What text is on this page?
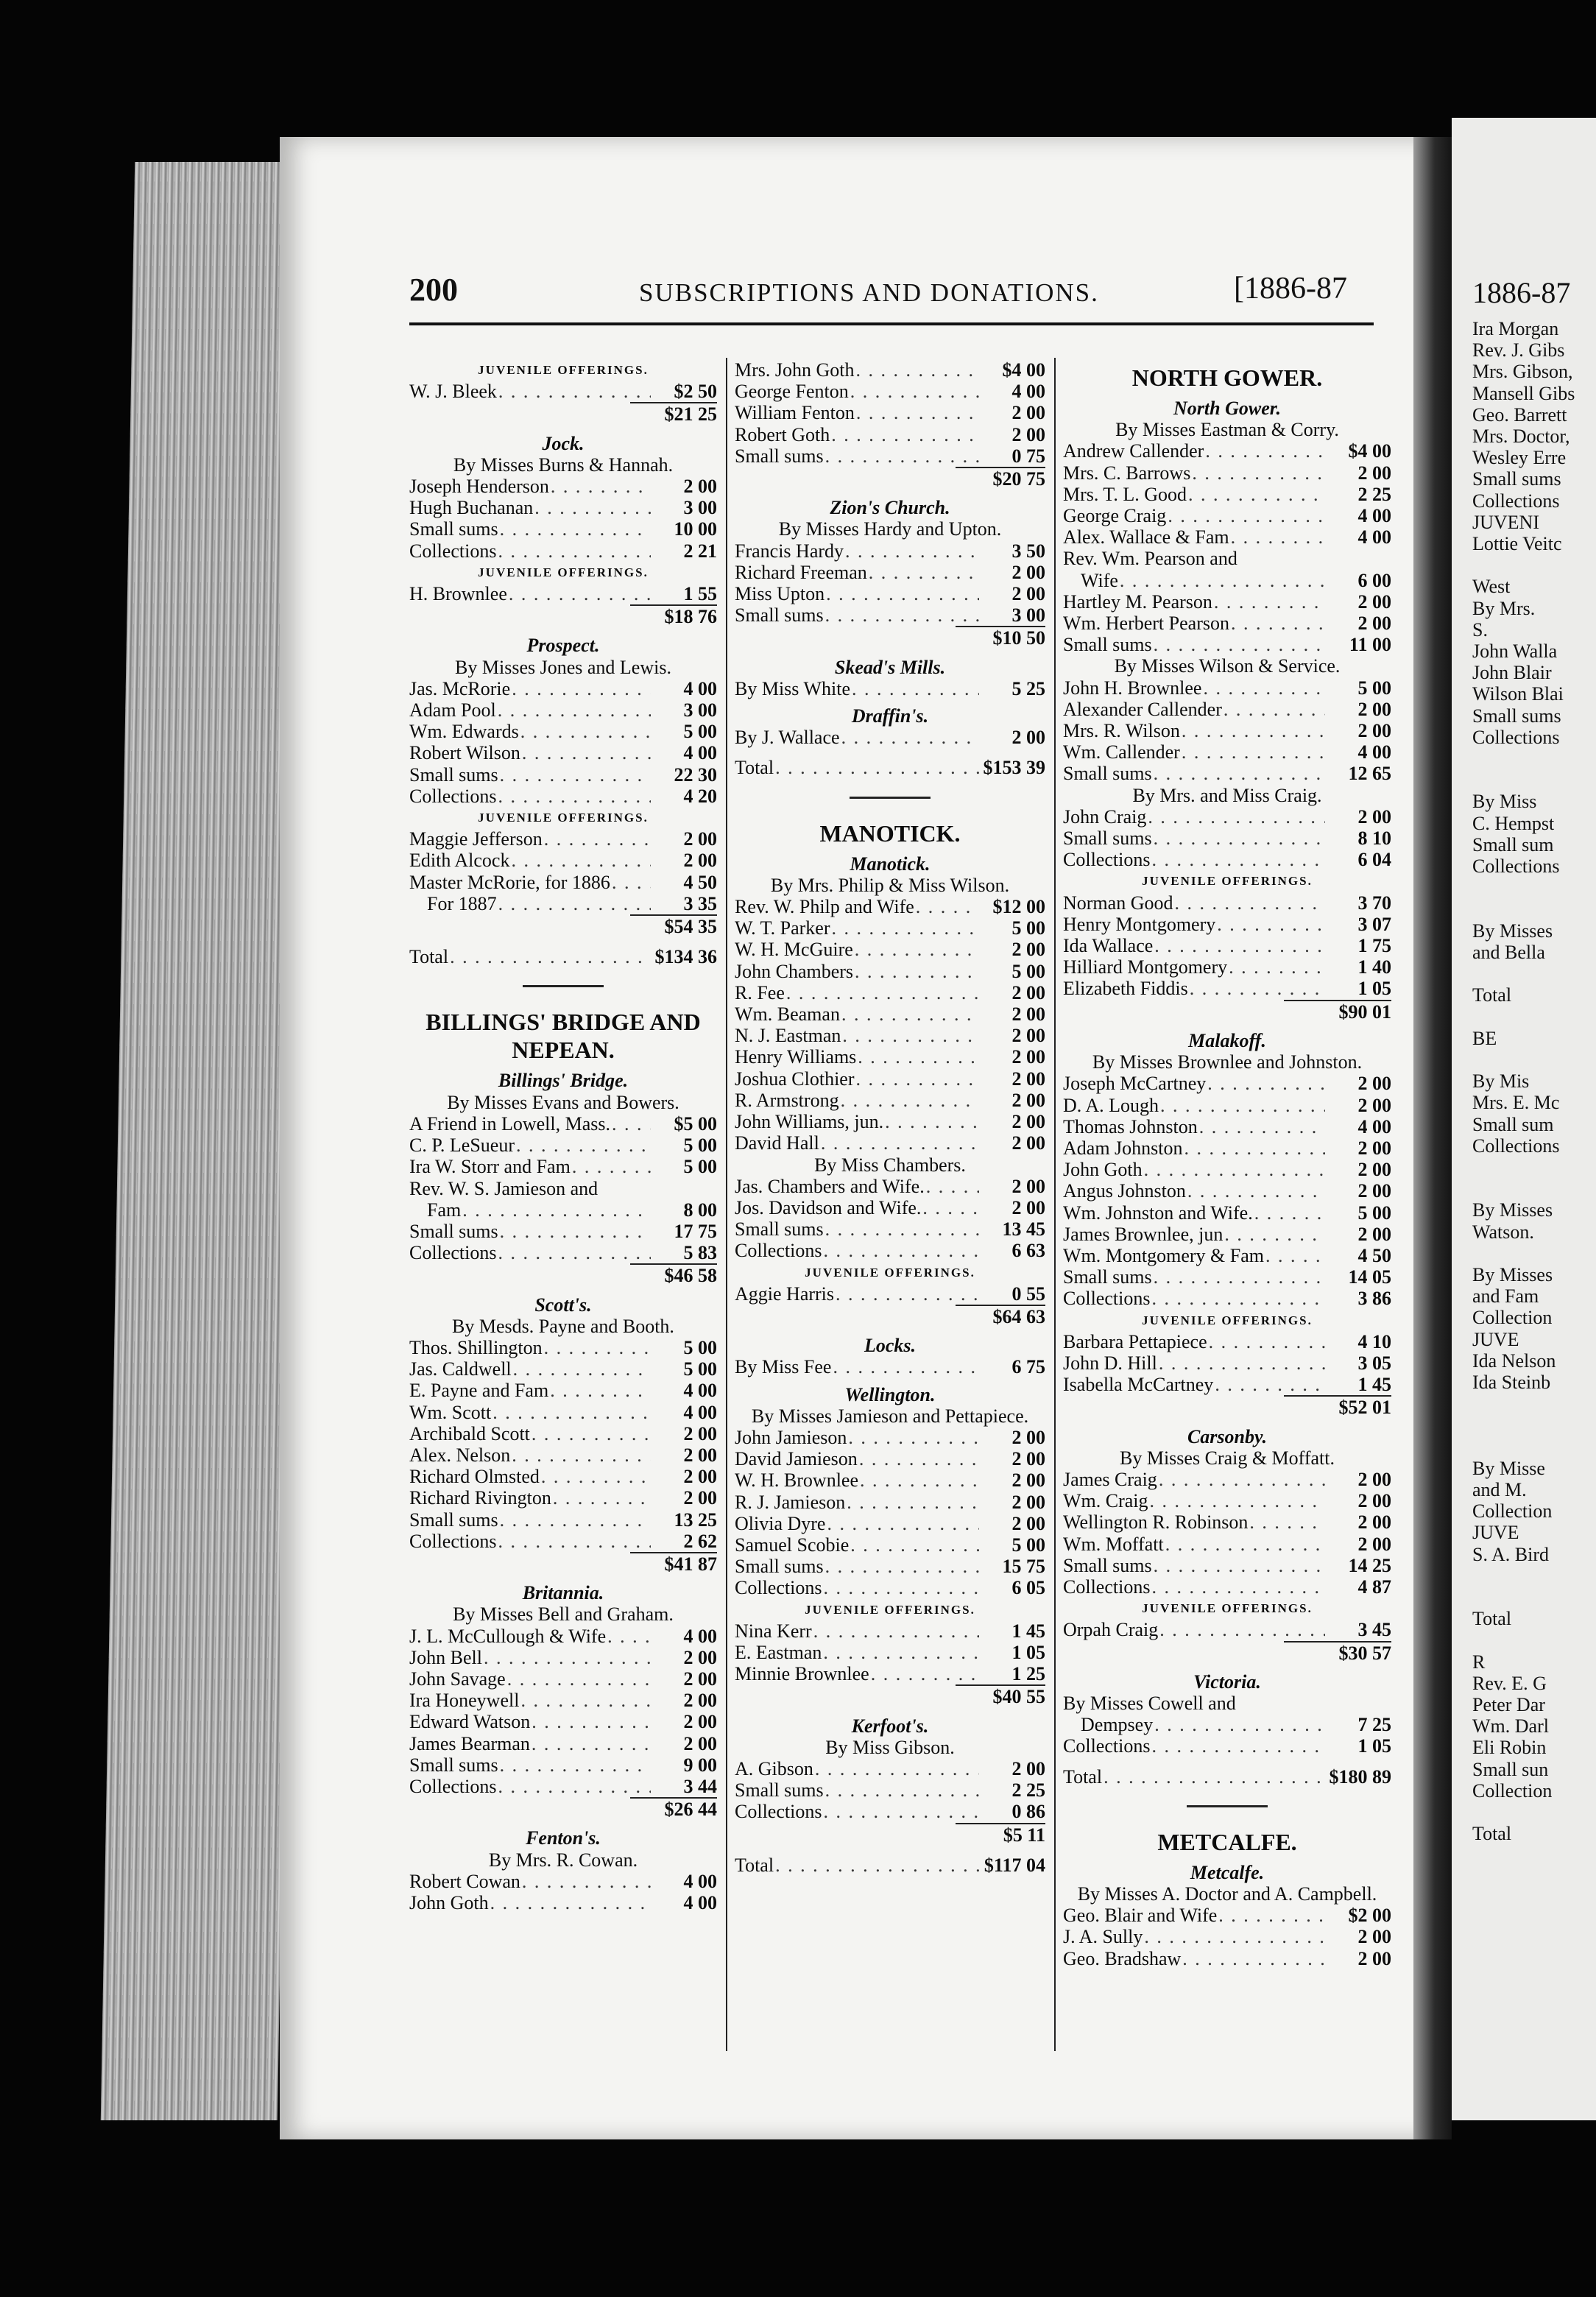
200	SUBSCRIPTIONS AND DONATIONS.	[1886-87
JUVENILE OFFERINGS.
W. J. Bleek . . .	$2 50
$21 25
Jock.
By Misses Burns & Hannah.
Joseph Henderson . . .	2 00
Hugh Buchanan . . .	3 00
Small sums . . .	10 00
Collections . . .	2 21
JUVENILE OFFERINGS.
H. Brownlee . . .	1 55
$18 76
Prospect.
By Misses Jones and Lewis.
Jas. McRorie . . .	4 00
Adam Pool . . .	3 00
Wm. Edwards . . .	5 00
Robert Wilson . . .	4 00
Small sums . . .	22 30
Collections . . .	4 20
JUVENILE OFFERINGS.
Maggie Jefferson . . .	2 00
Edith Alcock . . .	2 00
Master McRorie, for 1886 . . .	4 50
For 1887 . . .	3 35
$54 35
Total . . .	$134 36
BILLINGS' BRIDGE AND NEPEAN.
Billings' Bridge.
By Misses Evans and Bowers.
A Friend in Lowell, Mass. . . .	$5 00
C. P. LeSueur . . .	5 00
Ira W. Storr and Fam . . .	5 00
Rev. W. S. Jamieson and
Fam . . .	8 00
Small sums . . .	17 75
Collections . . .	5 83
$46 58
Scott's.
By Mesds. Payne and Booth.
Thos. Shillington . . .	5 00
Jas. Caldwell . . .	5 00
E. Payne and Fam . . .	4 00
Wm. Scott . . .	4 00
Archibald Scott . . .	2 00
Alex. Nelson . . .	2 00
Richard Olmsted . . .	2 00
Richard Rivington . . .	2 00
Small sums . . .	13 25
Collections . . .	2 62
$41 87
Britannia.
By Misses Bell and Graham.
J. L. McCullough & Wife . . .	4 00
John Bell . . .	2 00
John Savage . . .	2 00
Ira Honeywell . . .	2 00
Edward Watson . . .	2 00
James Bearman . . .	2 00
Small sums . . .	9 00
Collections . . .	3 44
$26 44
Fenton's.
By Mrs. R. Cowan.
Robert Cowan . . .	4 00
John Goth . . .	4 00
Mrs. John Goth . . .	$4 00
George Fenton . . .	4 00
William Fenton . . .	2 00
Robert Goth . . .	2 00
Small sums . . .	0 75
$20 75
Zion's Church.
By Misses Hardy and Upton.
Francis Hardy . . .	3 50
Richard Freeman . . .	2 00
Miss Upton . . .	2 00
Small sums . . .	3 00
$10 50
Skead's Mills.
By Miss White . . .	5 25
Draffin's.
By J. Wallace . . .	2 00
Total . . .	$153 39
MANOTICK.
Manotick.
By Mrs. Philip & Miss Wilson.
Rev. W. Philp and Wife . . .	$12 00
W. T. Parker . . .	5 00
W. H. McGuire . . .	2 00
John Chambers . . .	5 00
R. Fee . . .	2 00
Wm. Beaman . . .	2 00
N. J. Eastman . . .	2 00
Henry Williams . . .	2 00
Joshua Clothier . . .	2 00
R. Armstrong . . .	2 00
John Williams, jun. . . .	2 00
David Hall . . .	2 00
By Miss Chambers.
Jas. Chambers and Wife. . . .	2 00
Jos. Davidson and Wife. . . .	2 00
Small sums . . .	13 45
Collections . . .	6 63
JUVENILE OFFERINGS.
Aggie Harris . . .	0 55
$64 63
Locks.
By Miss Fee . . .	6 75
Wellington.
By Misses Jamieson and Pettapiece.
John Jamieson . . .	2 00
David Jamieson . . .	2 00
W. H. Brownlee . . .	2 00
R. J. Jamieson . . .	2 00
Olivia Dyre . . .	2 00
Samuel Scobie . . .	5 00
Small sums . . .	15 75
Collections . . .	6 05
JUVENILE OFFERINGS.
Nina Kerr . . .	1 45
E. Eastman . . .	1 05
Minnie Brownlee . . .	1 25
$40 55
Kerfoot's.
By Miss Gibson.
A. Gibson . . .	2 00
Small sums . . .	2 25
Collections . . .	0 86
$5 11
Total . . .	$117 04
NORTH GOWER.
North Gower.
By Misses Eastman & Corry.
Andrew Callender . . .	$4 00
Mrs. C. Barrows . . .	2 00
Mrs. T. L. Good . . .	2 25
George Craig . . .	4 00
Alex. Wallace & Fam . . .	4 00
Rev. Wm. Pearson and
Wife . . .	6 00
Hartley M. Pearson . . .	2 00
Wm. Herbert Pearson . . .	2 00
Small sums . . .	11 00
By Misses Wilson & Service.
John H. Brownlee . . .	5 00
Alexander Callender . . .	2 00
Mrs. R. Wilson . . .	2 00
Wm. Callender . . .	4 00
Small sums . . .	12 65
By Mrs. and Miss Craig.
John Craig . . .	2 00
Small sums . . .	8 10
Collections . . .	6 04
JUVENILE OFFERINGS.
Norman Good . . .	3 70
Henry Montgomery . . .	3 07
Ida Wallace . . .	1 75
Hilliard Montgomery . . .	1 40
Elizabeth Fiddis . . .	1 05
$90 01
Malakoff.
By Misses Brownlee and Johnston.
Joseph McCartney . . .	2 00
D. A. Lough . . .	2 00
Thomas Johnston . . .	4 00
Adam Johnston . . .	2 00
John Goth . . .	2 00
Angus Johnston . . .	2 00
Wm. Johnston and Wife. . . .	5 00
James Brownlee, jun . . .	2 00
Wm. Montgomery & Fam . . .	4 50
Small sums . . .	14 05
Collections . . .	3 86
JUVENILE OFFERINGS.
Barbara Pettapiece . . .	4 10
John D. Hill . . .	3 05
Isabella McCartney . . .	1 45
$52 01
Carsonby.
By Misses Craig & Moffatt.
James Craig . . .	2 00
Wm. Craig . . .	2 00
Wellington R. Robinson . . .	2 00
Wm. Moffatt . . .	2 00
Small sums . . .	14 25
Collections . . .	4 87
JUVENILE OFFERINGS.
Orpah Craig . . .	3 45
$30 57
Victoria.
By Misses Cowell and
Dempsey . . .	7 25
Collections . . .	1 05
Total . . .	$180 89
METCALFE.
Metcalfe.
By Misses A. Doctor and A. Campbell.
Geo. Blair and Wife . . .	$2 00
J. A. Sully . . .	2 00
Geo. Bradshaw . . .	2 00
1886-87
Ira Morgan
Rev. J. Gibs
Mrs. Gibson,
Mansell Gibs
Geo. Barrett
Mrs. Doctor,
Wesley Erre
Small sums
Collections
JUVENI
Lottie Veitc

West
By Mrs.
S.
John Walla
John Blair
Wilson Blai
Small sums
Collections

By Miss
C. Hempst
Small sum
Collections

By Misses
and Bella

Total

BE

By Mis
Mrs. E. Mc
Small sum
Collections

By Misses
Watson.

By Misses
and Fam
Collection
JUVE
Ida Nelson
Ida Steinb

By Misse
and M.
Collection
JUVE
S. A. Bird

Total

R
Rev. E. G
Peter Dar
Wm. Darl
Eli Robin
Small sun
Collection

Total
